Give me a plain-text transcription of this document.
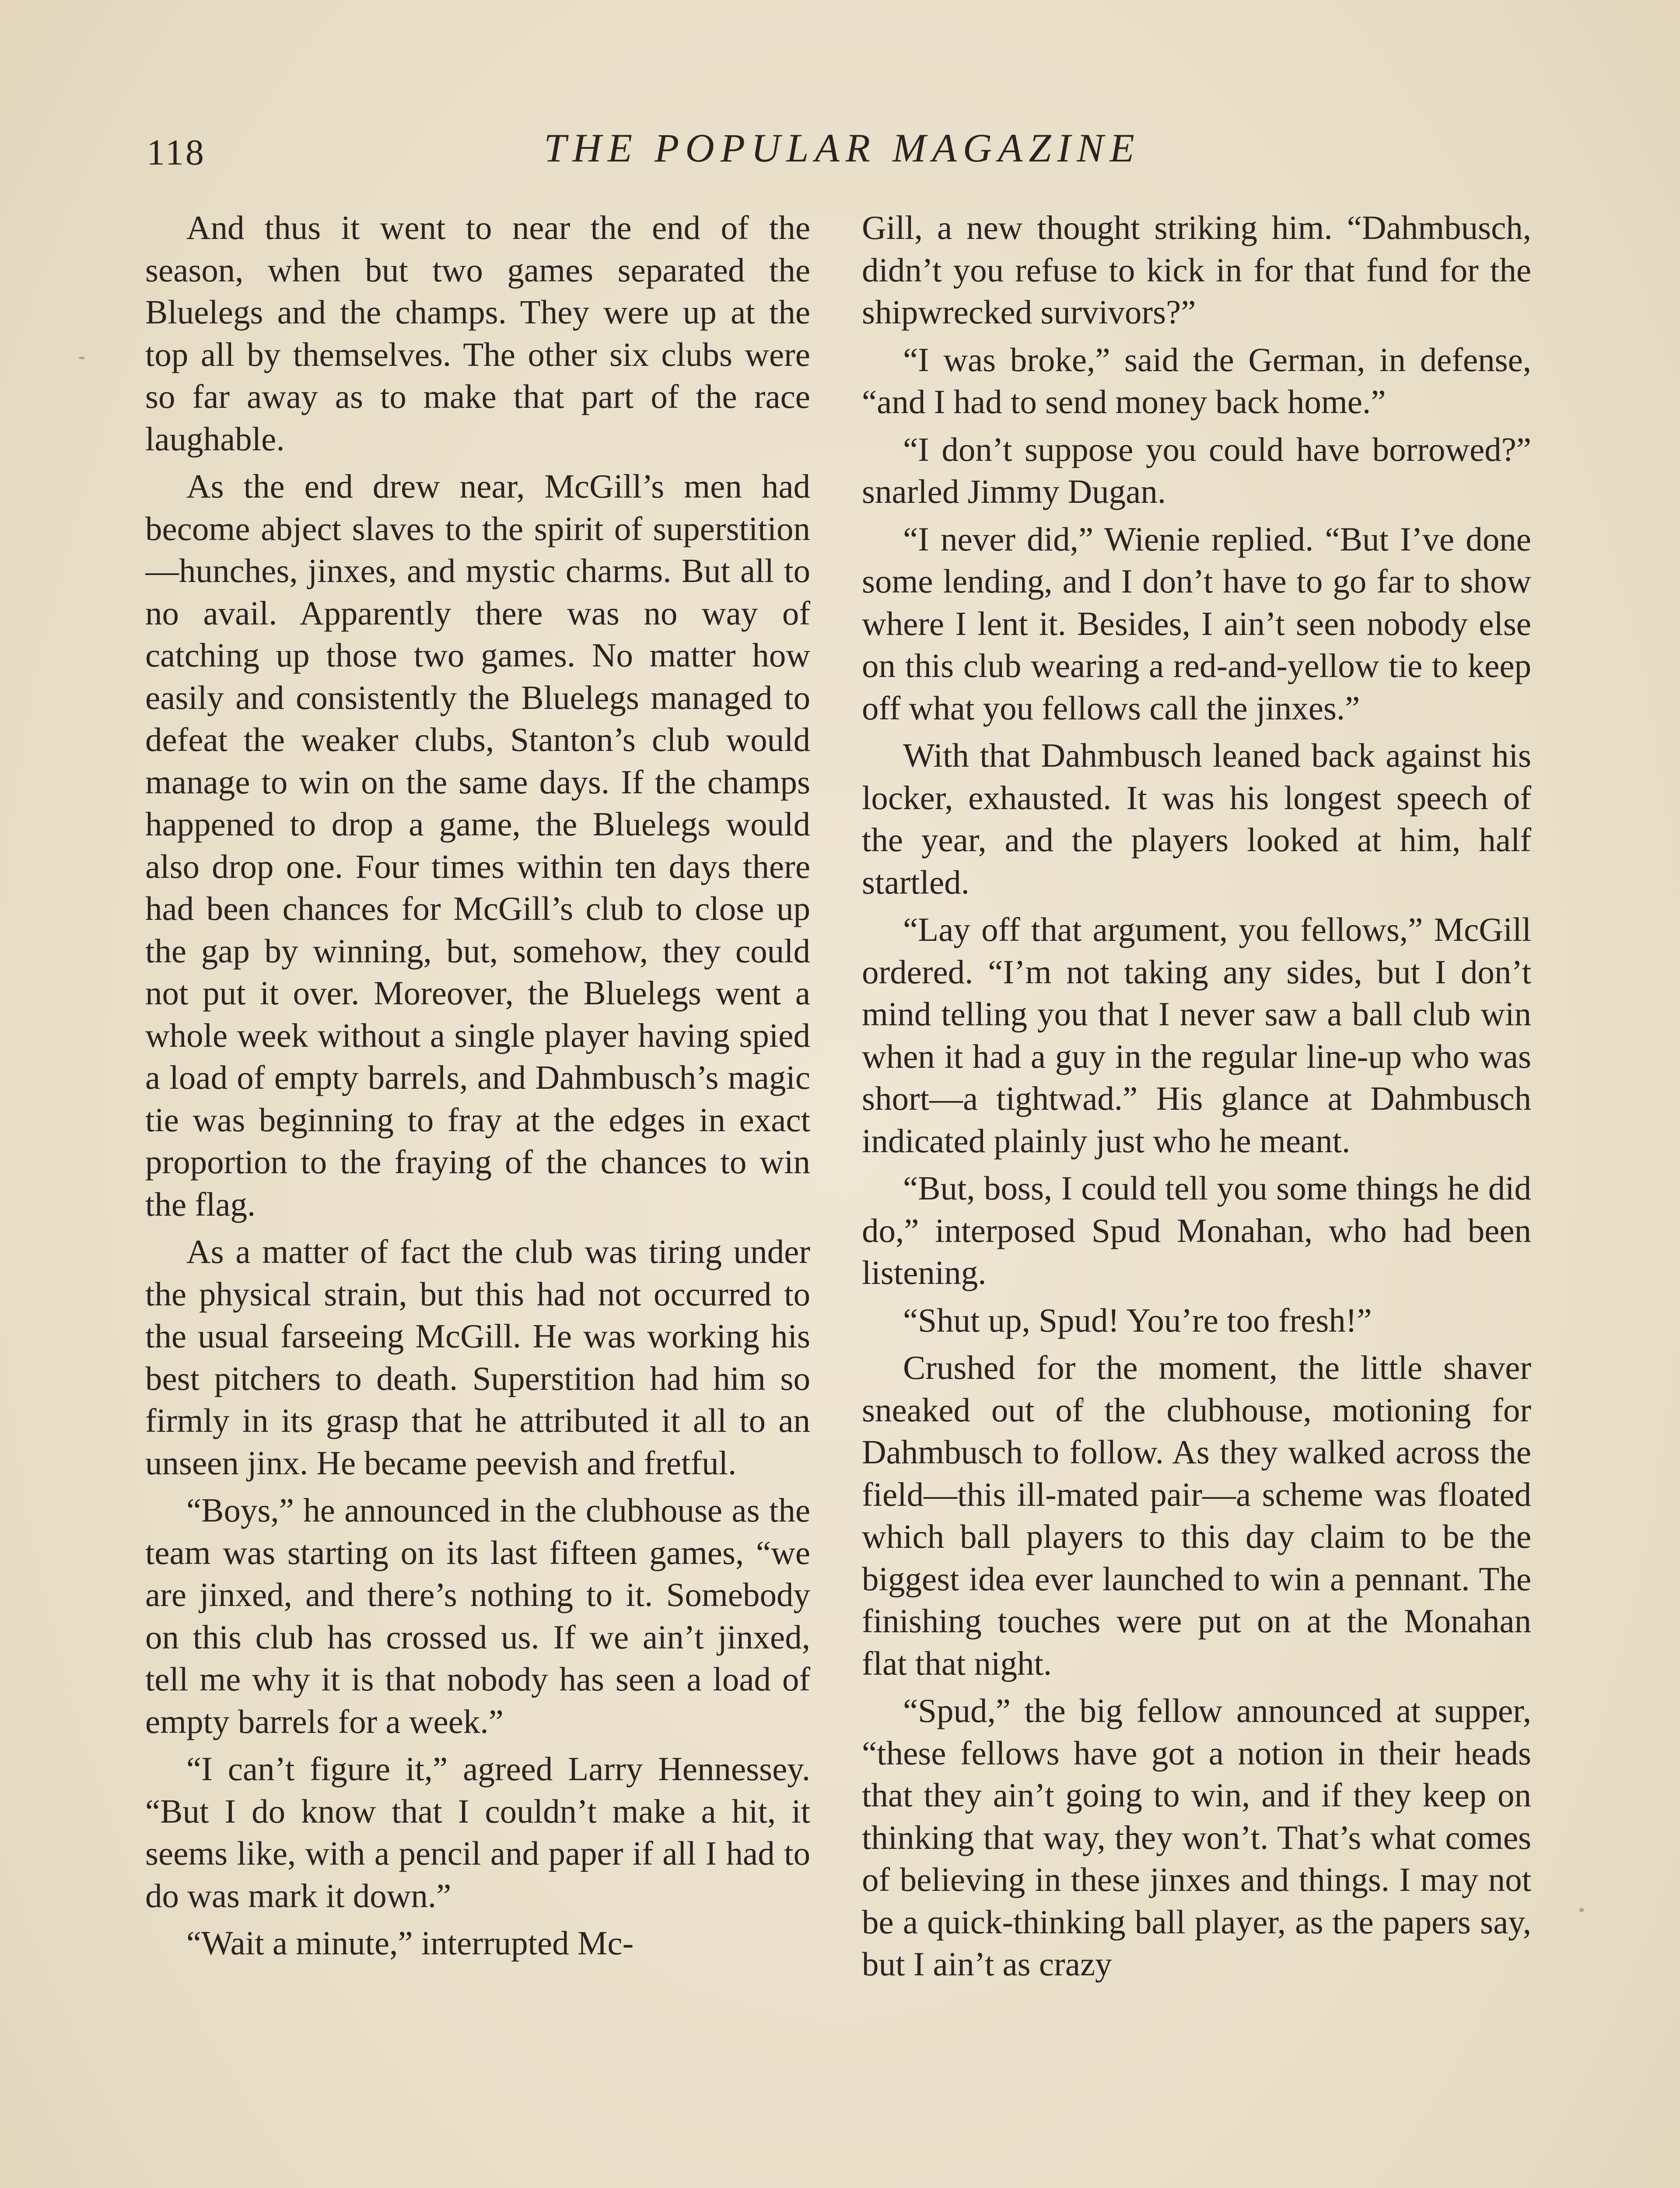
118	THE POPULAR MAGAZINE

And thus it went to near the end of the season, when but two games separated the Bluelegs and the champs. They were up at the top all by themselves. The other six clubs were so far away as to make that part of the race laughable.

As the end drew near, McGill’s men had become abject slaves to the spirit of superstition—hunches, jinxes, and mystic charms. But all to no avail. Apparently there was no way of catching up those two games. No matter how easily and consistently the Bluelegs managed to defeat the weaker clubs, Stanton’s club would manage to win on the same days. If the champs happened to drop a game, the Bluelegs would also drop one. Four times within ten days there had been chances for McGill’s club to close up the gap by winning, but, somehow, they could not put it over. Moreover, the Bluelegs went a whole week without a single player having spied a load of empty barrels, and Dahmbusch’s magic tie was beginning to fray at the edges in exact proportion to the fraying of the chances to win the flag.

As a matter of fact the club was tiring under the physical strain, but this had not occurred to the usual farseeing McGill. He was working his best pitchers to death. Superstition had him so firmly in its grasp that he attributed it all to an unseen jinx. He became peevish and fretful.

“Boys,” he announced in the clubhouse as the team was starting on its last fifteen games, “we are jinxed, and there’s nothing to it. Somebody on this club has crossed us. If we ain’t jinxed, tell me why it is that nobody has seen a load of empty barrels for a week.”

“I can’t figure it,” agreed Larry Hennessey. “But I do know that I couldn’t make a hit, it seems like, with a pencil and paper if all I had to do was mark it down.”

“Wait a minute,” interrupted Mc-

Gill, a new thought striking him. “Dahmbusch, didn’t you refuse to kick in for that fund for the shipwrecked survivors?”

“I was broke,” said the German, in defense, “and I had to send money back home.”

“I don’t suppose you could have borrowed?” snarled Jimmy Dugan.

“I never did,” Wienie replied. “But I’ve done some lending, and I don’t have to go far to show where I lent it. Besides, I ain’t seen nobody else on this club wearing a red-and-yellow tie to keep off what you fellows call the jinxes.”

With that Dahmbusch leaned back against his locker, exhausted. It was his longest speech of the year, and the players looked at him, half startled.

“Lay off that argument, you fellows,” McGill ordered. “I’m not taking any sides, but I don’t mind telling you that I never saw a ball club win when it had a guy in the regular line-up who was short—a tightwad.” His glance at Dahmbusch indicated plainly just who he meant.

“But, boss, I could tell you some things he did do,” interposed Spud Monahan, who had been listening.

“Shut up, Spud! You’re too fresh!”

Crushed for the moment, the little shaver sneaked out of the clubhouse, motioning for Dahmbusch to follow. As they walked across the field—this ill-mated pair—a scheme was floated which ball players to this day claim to be the biggest idea ever launched to win a pennant. The finishing touches were put on at the Monahan flat that night.

“Spud,” the big fellow announced at supper, “these fellows have got a notion in their heads that they ain’t going to win, and if they keep on thinking that way, they won’t. That’s what comes of believing in these jinxes and things. I may not be a quick-thinking ball player, as the papers say, but I ain’t as crazy
